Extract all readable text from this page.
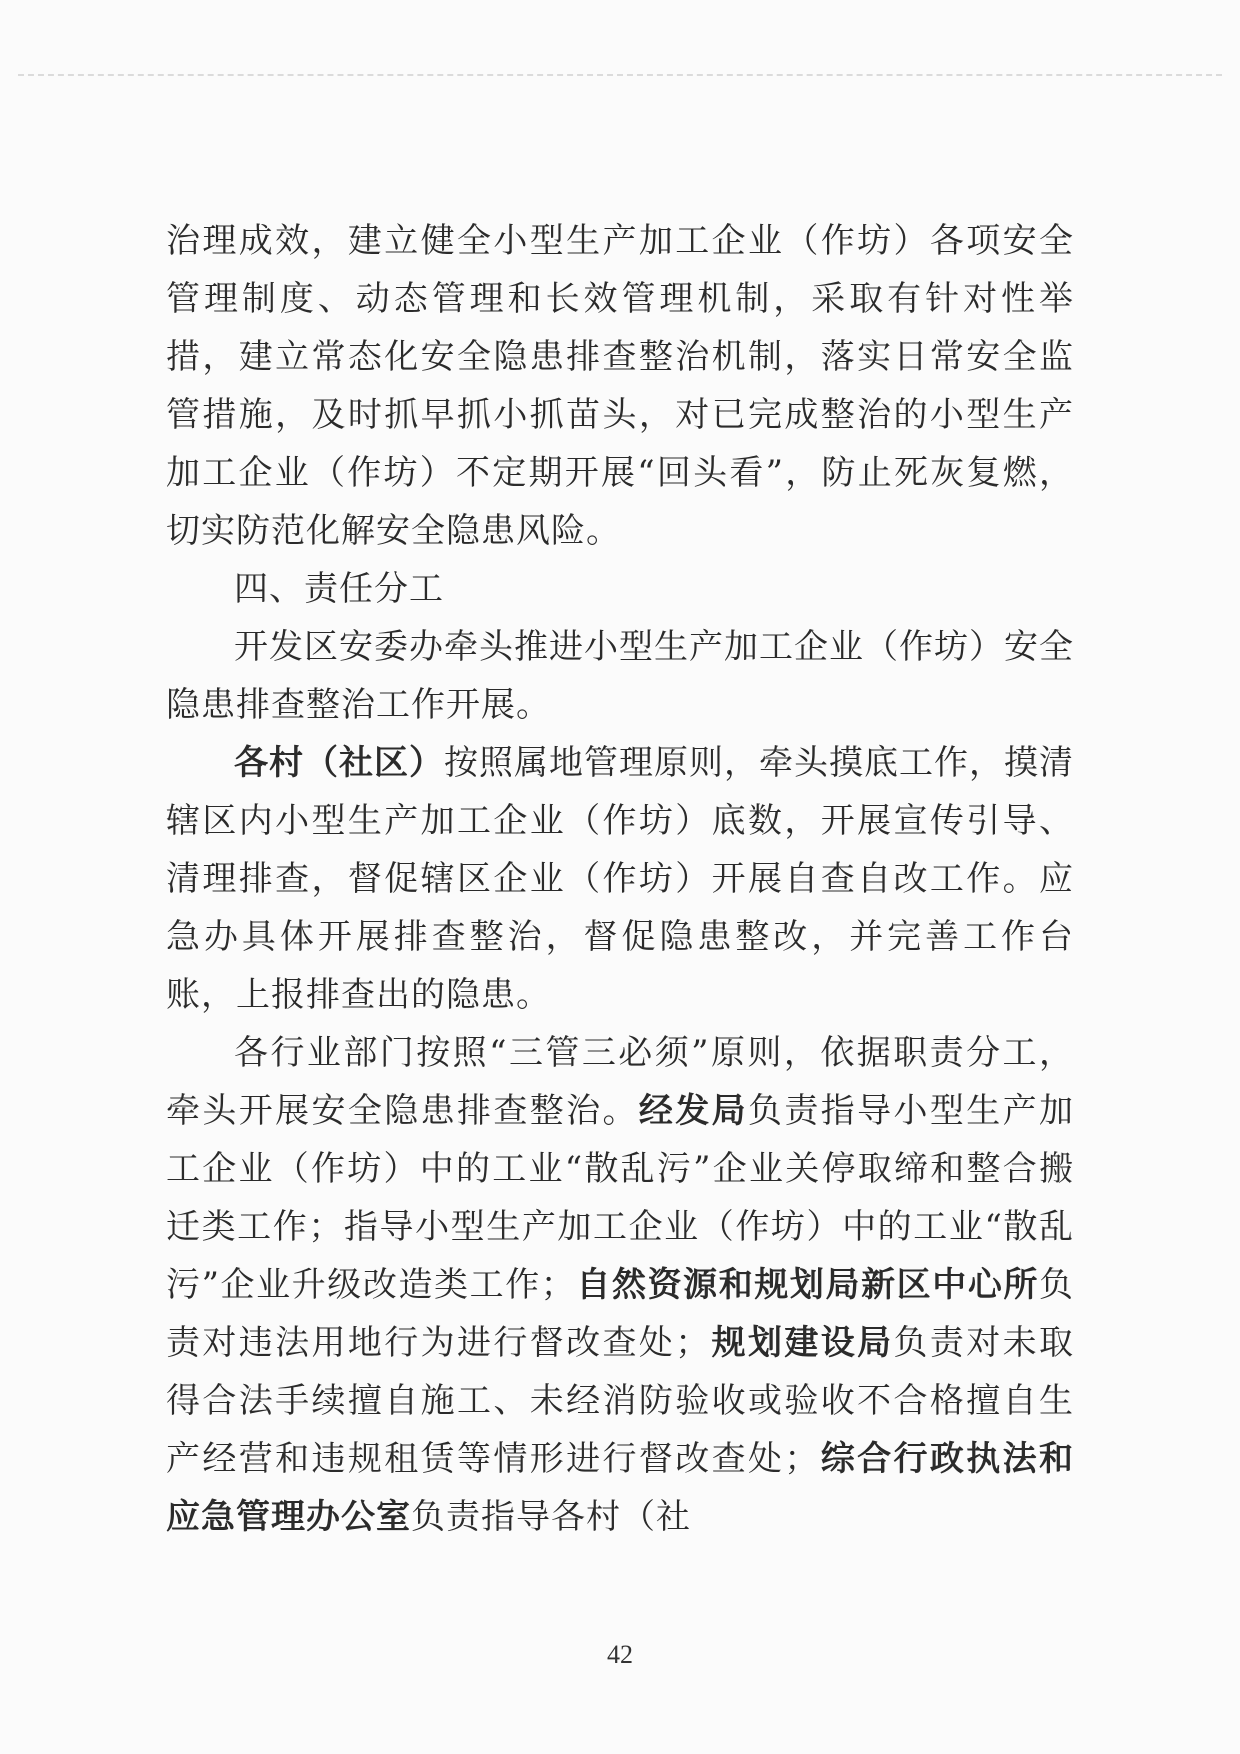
治理成效，建立健全小型生产加工企业（作坊）各项安全管理制度、动态管理和长效管理机制，采取有针对性举措，建立常态化安全隐患排查整治机制，落实日常安全监管措施，及时抓早抓小抓苗头，对已完成整治的小型生产加工企业（作坊）不定期开展“回头看”，防止死灰复燃，切实防范化解安全隐患风险。

四、责任分工

开发区安委办牵头推进小型生产加工企业（作坊）安全隐患排查整治工作开展。

各村（社区）按照属地管理原则，牵头摸底工作，摸清辖区内小型生产加工企业（作坊）底数，开展宣传引导、清理排查，督促辖区企业（作坊）开展自查自改工作。应急办具体开展排查整治，督促隐患整改，并完善工作台账，上报排查出的隐患。

各行业部门按照“三管三必须”原则，依据职责分工，牵头开展安全隐患排查整治。经发局负责指导小型生产加工企业（作坊）中的工业“散乱污”企业关停取缔和整合搬迁类工作；指导小型生产加工企业（作坊）中的工业“散乱污”企业升级改造类工作；自然资源和规划局新区中心所负责对违法用地行为进行督改查处；规划建设局负责对未取得合法手续擅自施工、未经消防验收或验收不合格擅自生产经营和违规租赁等情形进行督改查处；综合行政执法和应急管理办公室负责指导各村（社

42
